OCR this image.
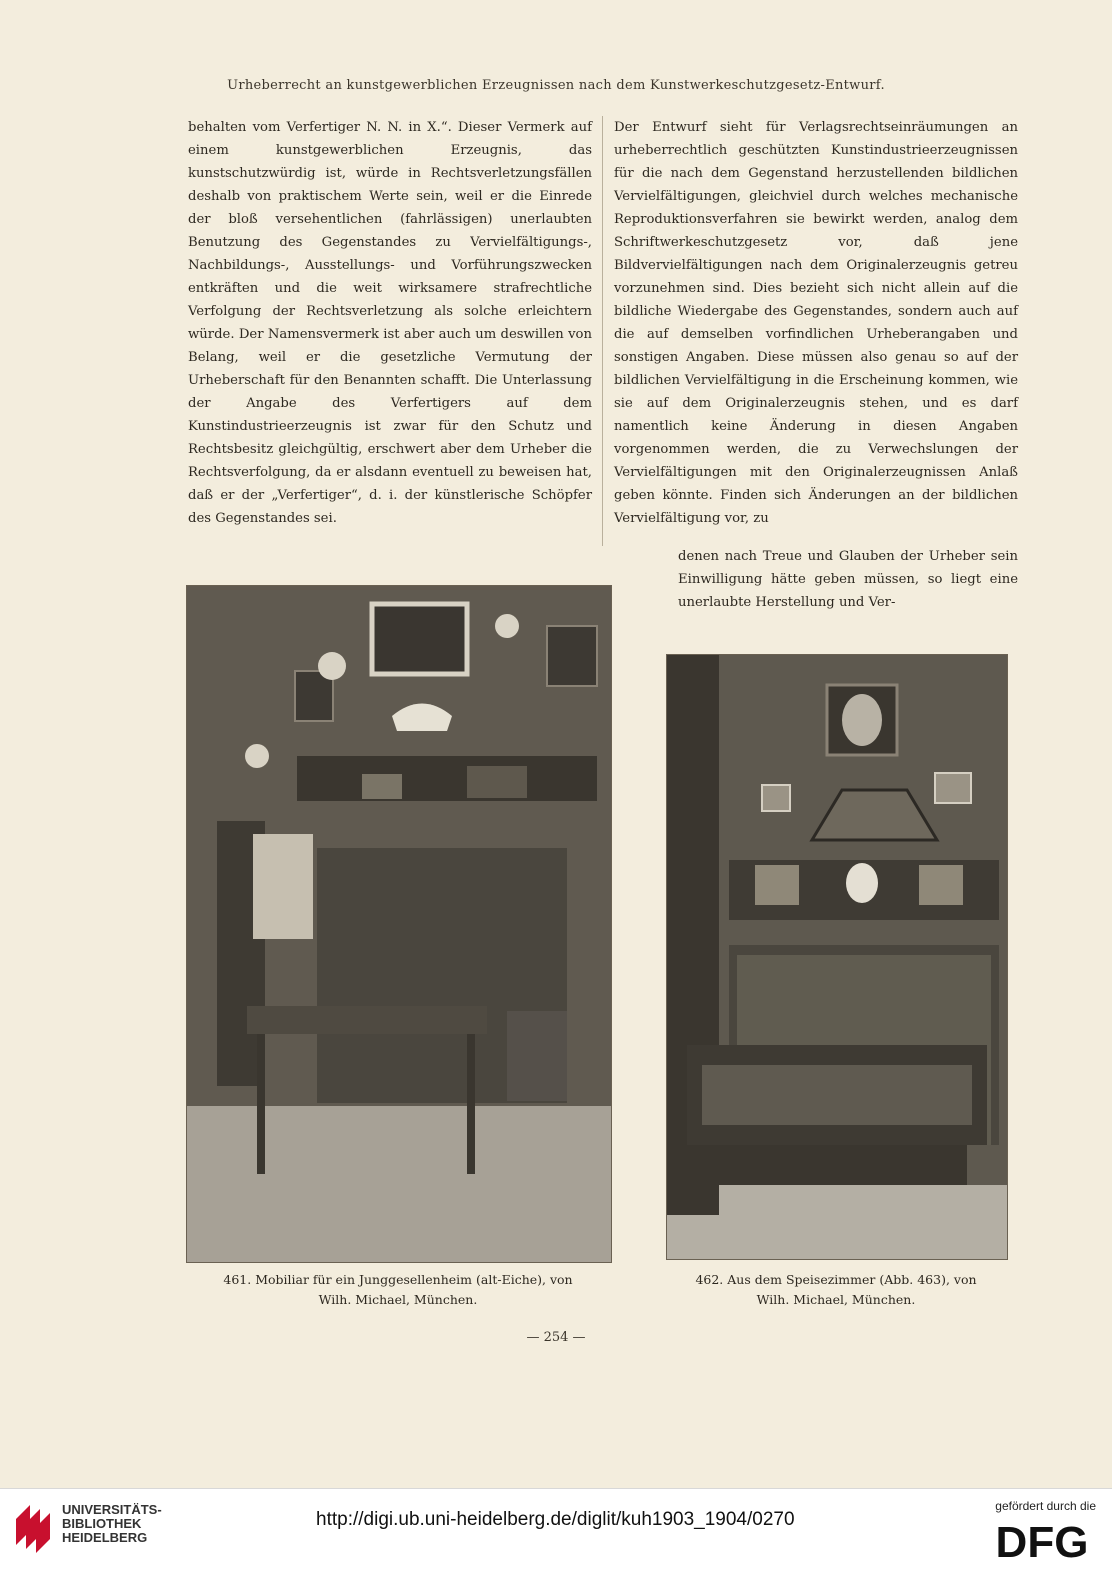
Urheberrecht an kunstgewerblichen Erzeugnissen nach dem Kunstwerkeschutzgesetz-Entwurf.

behalten vom Verfertiger N. N. in X.“. Dieser Vermerk auf einem kunstgewerblichen Erzeugnis, das kunstschutzwürdig ist, würde in Rechtsverletzungsfällen deshalb von praktischem Werte sein, weil er die Einrede der bloß versehentlichen (fahrlässigen) unerlaubten Benutzung des Gegenstandes zu Vervielfältigungs-, Nachbildungs-, Ausstellungs- und Vorführungszwecken entkräften und die weit wirksamere strafrechtliche Verfolgung der Rechtsverletzung als solche erleichtern würde. Der Namensvermerk ist aber auch um deswillen von Belang, weil er die gesetzliche Vermutung der Urheberschaft für den Benannten schafft. Die Unterlassung der Angabe des Verfertigers auf dem Kunstindustrieerzeugnis ist zwar für den Schutz und Rechtsbesitz gleichgültig, erschwert aber dem Urheber die Rechtsverfolgung, da er alsdann eventuell zu beweisen hat, daß er der „Verfertiger“, d. i. der künstlerische Schöpfer des Gegenstandes sei.

Der Entwurf sieht für Verlagsrechtseinräumungen an urheberrechtlich geschützten Kunstindustrieerzeugnissen für die nach dem Gegenstand herzustellenden bildlichen Vervielfältigungen, gleichviel durch welches mechanische Reproduktionsverfahren sie bewirkt werden, analog dem Schriftwerkeschutzgesetz vor, daß jene Bildvervielfältigungen nach dem Originalerzeugnis getreu vorzunehmen sind. Dies bezieht sich nicht allein auf die bildliche Wiedergabe des Gegenstandes, sondern auch auf die auf demselben vorfindlichen Urheberangaben und sonstigen Angaben. Diese müssen also genau so auf der bildlichen Vervielfältigung in die Erscheinung kommen, wie sie auf dem Originalerzeugnis stehen, und es darf namentlich keine Änderung in diesen Angaben vorgenommen werden, die zu Verwechslungen der Vervielfältigungen mit den Originalerzeugnissen Anlaß geben könnte. Finden sich Änderungen an der bildlichen Vervielfältigung vor, zu

denen nach Treue und Glauben der Urheber sein Einwilligung hätte geben müssen, so liegt eine unerlaubte Herstellung und Ver-
461. Mobiliar für ein Junggesellenheim (alt-Eiche), von
Wilh. Michael, München.
462. Aus dem Speisezimmer (Abb. 463), von
Wilh. Michael, München.
— 254 —
UNIVERSITÄTS-
BIBLIOTHEK
HEIDELBERG
http://digi.ub.uni-heidelberg.de/diglit/kuh1903_1904/0270
gefördert durch die
DFG
